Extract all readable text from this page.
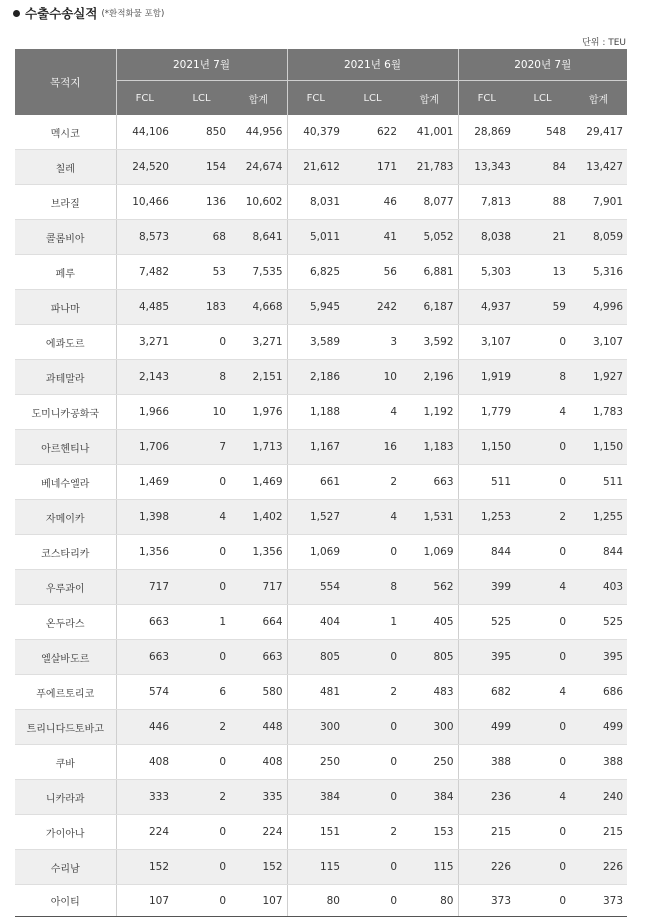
수출수송실적 (*환적화물 포함)
단위 : TEU
목적지	2021년 7월			2021년 6월			2020년 7월		
	FCL	LCL	합계	FCL	LCL	합계	FCL	LCL	합계
멕시코	44,106	850	44,956	40,379	622	41,001	28,869	548	29,417
칠레	24,520	154	24,674	21,612	171	21,783	13,343	84	13,427
브라질	10,466	136	10,602	8,031	46	8,077	7,813	88	7,901
콜롬비아	8,573	68	8,641	5,011	41	5,052	8,038	21	8,059
페루	7,482	53	7,535	6,825	56	6,881	5,303	13	5,316
파나마	4,485	183	4,668	5,945	242	6,187	4,937	59	4,996
에콰도르	3,271	0	3,271	3,589	3	3,592	3,107	0	3,107
과테말라	2,143	8	2,151	2,186	10	2,196	1,919	8	1,927
도미니카공화국	1,966	10	1,976	1,188	4	1,192	1,779	4	1,783
아르헨티나	1,706	7	1,713	1,167	16	1,183	1,150	0	1,150
베네수엘라	1,469	0	1,469	661	2	663	511	0	511
자메이카	1,398	4	1,402	1,527	4	1,531	1,253	2	1,255
코스타리카	1,356	0	1,356	1,069	0	1,069	844	0	844
우루과이	717	0	717	554	8	562	399	4	403
온두라스	663	1	664	404	1	405	525	0	525
엘살바도르	663	0	663	805	0	805	395	0	395
푸에르토리코	574	6	580	481	2	483	682	4	686
트리니다드토바고	446	2	448	300	0	300	499	0	499
쿠바	408	0	408	250	0	250	388	0	388
니카라과	333	2	335	384	0	384	236	4	240
가이아나	224	0	224	151	2	153	215	0	215
수리남	152	0	152	115	0	115	226	0	226
아이티	107	0	107	80	0	80	373	0	373
